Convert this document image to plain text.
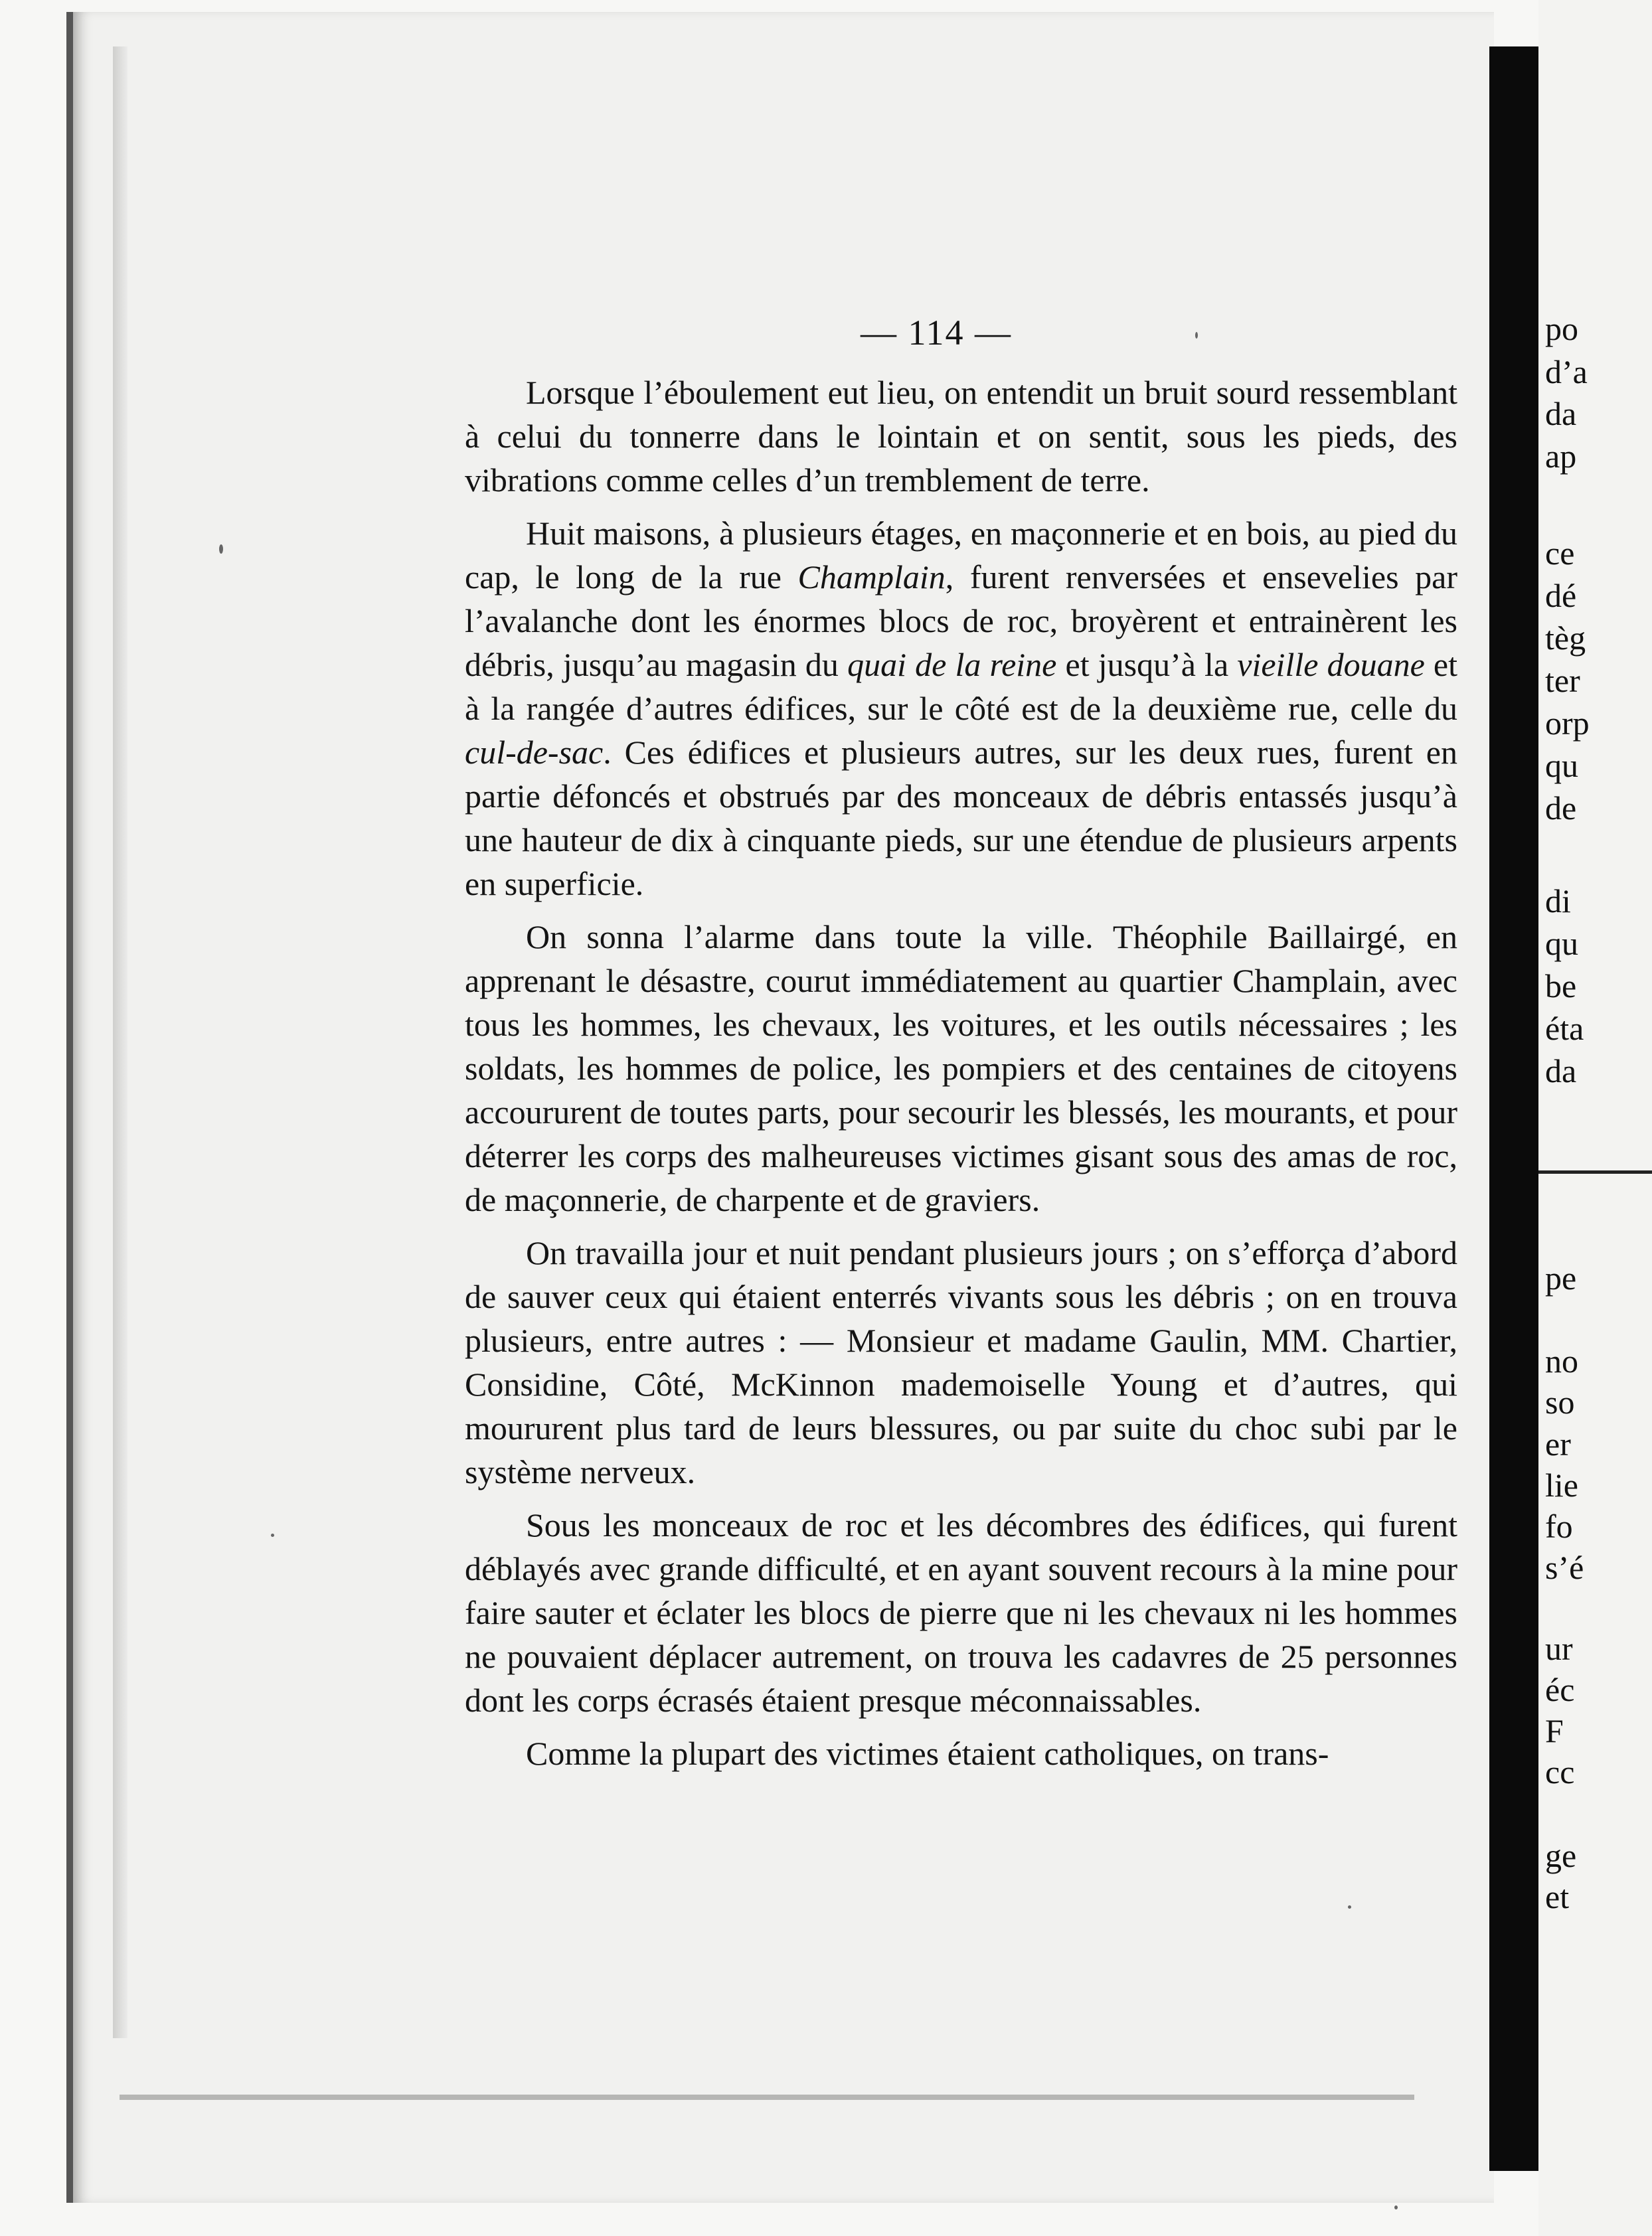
po
d’a
da
ap
ce
dé
tèg
ter
orp
qu
de
di
qu
be
éta
da
pe
no
so
er
lie
fo
s’é
ur
éc
F
cc
ge
et
— 114 —

Lorsque l’éboulement eut lieu, on entendit un bruit sourd ressemblant à celui du tonnerre dans le lointain et on sentit, sous les pieds, des vibrations comme celles d’un tremblement de terre.

Huit maisons, à plusieurs étages, en maçonnerie et en bois, au pied du cap, le long de la rue Champlain, furent renversées et ensevelies par l’avalanche dont les énormes blocs de roc, broyèrent et entrainèrent les débris, jusqu’au magasin du quai de la reine et jusqu’à la vieille douane et à la rangée d’autres édifices, sur le côté est de la deuxième rue, celle du cul-de-sac. Ces édifices et plusieurs autres, sur les deux rues, furent en partie défoncés et obstrués par des monceaux de débris entassés jusqu’à une hauteur de dix à cinquante pieds, sur une étendue de plusieurs arpents en superficie.

On sonna l’alarme dans toute la ville. Théophile Baillairgé, en apprenant le désastre, courut immédiatement au quartier Champlain, avec tous les hommes, les chevaux, les voitures, et les outils nécessaires ; les soldats, les hommes de police, les pompiers et des centaines de citoyens accoururent de toutes parts, pour secourir les blessés, les mourants, et pour déterrer les corps des malheureuses victimes gisant sous des amas de roc, de maçonnerie, de charpente et de graviers.

On travailla jour et nuit pendant plusieurs jours ; on s’efforça d’abord de sauver ceux qui étaient enterrés vivants sous les débris ; on en trouva plusieurs, entre autres : — Monsieur et madame Gaulin, MM. Chartier, Considine, Côté, McKinnon mademoiselle Young et d’autres, qui moururent plus tard de leurs blessures, ou par suite du choc subi par le système nerveux.

Sous les monceaux de roc et les décombres des édifices, qui furent déblayés avec grande difficulté, et en ayant souvent recours à la mine pour faire sauter et éclater les blocs de pierre que ni les chevaux ni les hommes ne pouvaient déplacer autrement, on trouva les cadavres de 25 personnes dont les corps écrasés étaient presque méconnaissables.

Comme la plupart des victimes étaient catholiques, on trans-
